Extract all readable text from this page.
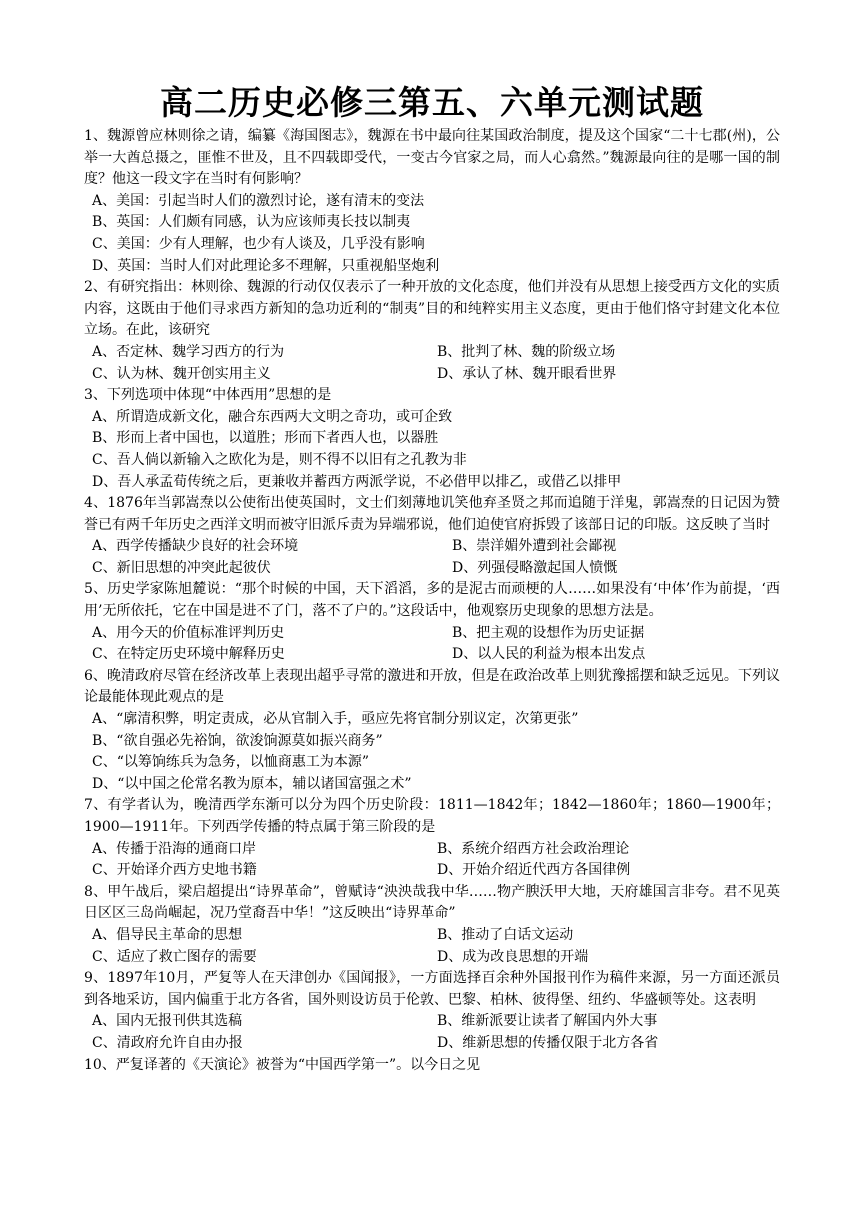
高二历史必修三第五、六单元测试题

1、魏源曾应林则徐之请，编纂《海国图志》，魏源在书中最向往某国政治制度，提及这个国家“二十七郡(州)，公举一大酋总摄之，匪惟不世及，且不四载即受代，一变古今官家之局，而人心翕然。”魏源最向往的是哪一国的制度？他这一段文字在当时有何影响？

A、美国：引起当时人们的激烈讨论，遂有清末的变法
B、英国：人们颇有同感，认为应该师夷长技以制夷
C、美国：少有人理解，也少有人谈及，几乎没有影响
D、英国：当时人们对此理论多不理解，只重视船坚炮利

2、有研究指出：林则徐、魏源的行动仅仅表示了一种开放的文化态度，他们并没有从思想上接受西方文化的实质内容，这既由于他们寻求西方新知的急功近利的“制夷”目的和纯粹实用主义态度，更由于他们恪守封建文化本位立场。在此，该研究

A、否定林、魏学习西方的行为	B、批判了林、魏的阶级立场
C、认为林、魏开创实用主义	D、承认了林、魏开眼看世界

3、下列选项中体现“中体西用”思想的是

A、所谓造成新文化，融合东西两大文明之奇功，或可企致
B、形而上者中国也，以道胜；形而下者西人也，以器胜
C、吾人倘以新输入之欧化为是，则不得不以旧有之孔教为非
D、吾人承孟荀传统之后，更兼收并蓄西方两派学说，不必借甲以排乙，或借乙以排甲

4、1876年当郭嵩焘以公使衔出使英国时，文士们刻薄地讥笑他弃圣贤之邦而追随于洋鬼，郭嵩焘的日记因为赞誉已有两千年历史之西洋文明而被守旧派斥责为异端邪说，他们迫使官府拆毁了该部日记的印版。这反映了当时

A、西学传播缺少良好的社会环境	B、崇洋媚外遭到社会鄙视
C、新旧思想的冲突此起彼伏	D、列强侵略激起国人愤慨

5、历史学家陈旭麓说：“那个时候的中国，天下滔滔，多的是泥古而顽梗的人……如果没有‘中体’作为前提，‘西用’无所依托，它在中国是进不了门，落不了户的。”这段话中，他观察历史现象的思想方法是。

A、用今天的价值标准评判历史	B、把主观的设想作为历史证据
C、在特定历史环境中解释历史	D、以人民的利益为根本出发点

6、晚清政府尽管在经济改革上表现出超乎寻常的激进和开放，但是在政治改革上则犹豫摇摆和缺乏远见。下列议论最能体现此观点的是

A、“廓清积弊，明定责成，必从官制入手，亟应先将官制分别议定，次第更张”
B、“欲自强必先裕饷，欲浚饷源莫如振兴商务”
C、“以筹饷练兵为急务，以恤商惠工为本源”
D、“以中国之伦常名教为原本，辅以诸国富强之术”

7、有学者认为，晚清西学东渐可以分为四个历史阶段：1811—1842年；1842—1860年；1860—1900年；1900—1911年。下列西学传播的特点属于第三阶段的是

A、传播于沿海的通商口岸	B、系统介绍西方社会政治理论
C、开始译介西方史地书籍	D、开始介绍近代西方各国律例

8、甲午战后，梁启超提出“诗界革命”，曾赋诗“泱泱哉我中华……物产腴沃甲大地，天府雄国言非夸。君不见英日区区三岛尚崛起，况乃堂裔吾中华！”这反映出“诗界革命”

A、倡导民主革命的思想	B、推动了白话文运动
C、适应了救亡图存的需要	D、成为改良思想的开端

9、1897年10月，严复等人在天津创办《国闻报》，一方面选择百余种外国报刊作为稿件来源，另一方面还派员到各地采访，国内偏重于北方各省，国外则设访员于伦敦、巴黎、柏林、彼得堡、纽约、华盛顿等处。这表明

A、国内无报刊供其选稿	B、维新派要让读者了解国内外大事
C、清政府允许自由办报	D、维新思想的传播仅限于北方各省

10、严复译著的《天演论》被誉为“中国西学第一”。以今日之见
